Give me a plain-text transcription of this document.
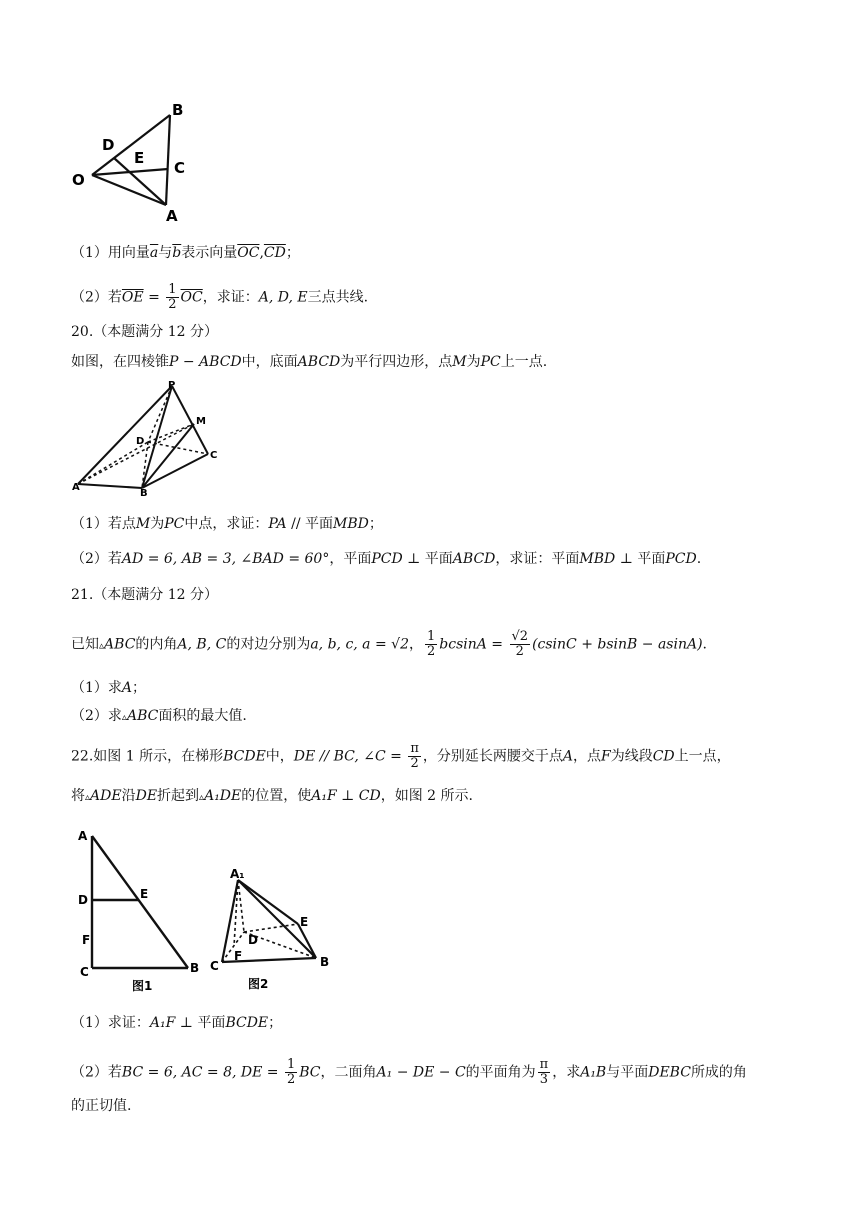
B
D
E
C
O
A
（1）用向量$\overline{a}$与$\overline{b}$表示向量$\overline{OC},\overline{CD}$；
（2）若$\overline{OE} = \frac{1}{2} \overline{OC}$，求证：A, D, E三点共线.
20.（本题满分 12 分）
如图，在四棱锥P − ABCD中，底面ABCD为平行四边形，点M为PC上一点.
P
M
D
C
A
B
（1）若点M为PC中点，求证：PA // 平面MBD；
（2）若AD = 6, AB = 3, ∠BAD = 60°，平面PCD ⊥ 平面ABCD，求证：平面MBD ⊥ 平面PCD.
21.（本题满分 12 分）
已知▵ABC的内角A, B, C的对边分别为a, b, c, a = √2， $\frac{1}{2}$ $bcsinA = \frac{√2}{2} (csinC + bsinB - asinA)$.
（1）求A；
（2）求▵ABC面积的最大值.
22.如图 1 所示，在梯形BCDE中，DE // BC, ∠C = $\frac{\pi}{2}$ ，分别延长两腰交于点A，点F为线段CD上一点，
将▵ADE沿DE折起到▵A₁DE的位置，使A₁F ⊥ CD，如图 2 所示.
A
E
D
F
C	B
图1
A₁
E
D
F
C	B
图2
（1）求证：A₁F ⊥ 平面BCDE；
（2）若BC = 6, AC = 8, DE = $\frac{1}{2}$ BC，二面角A₁ − DE − C的平面角为 $\frac{\pi}{3}$ ，求A₁B与平面DEBC所成的角
的正切值.
